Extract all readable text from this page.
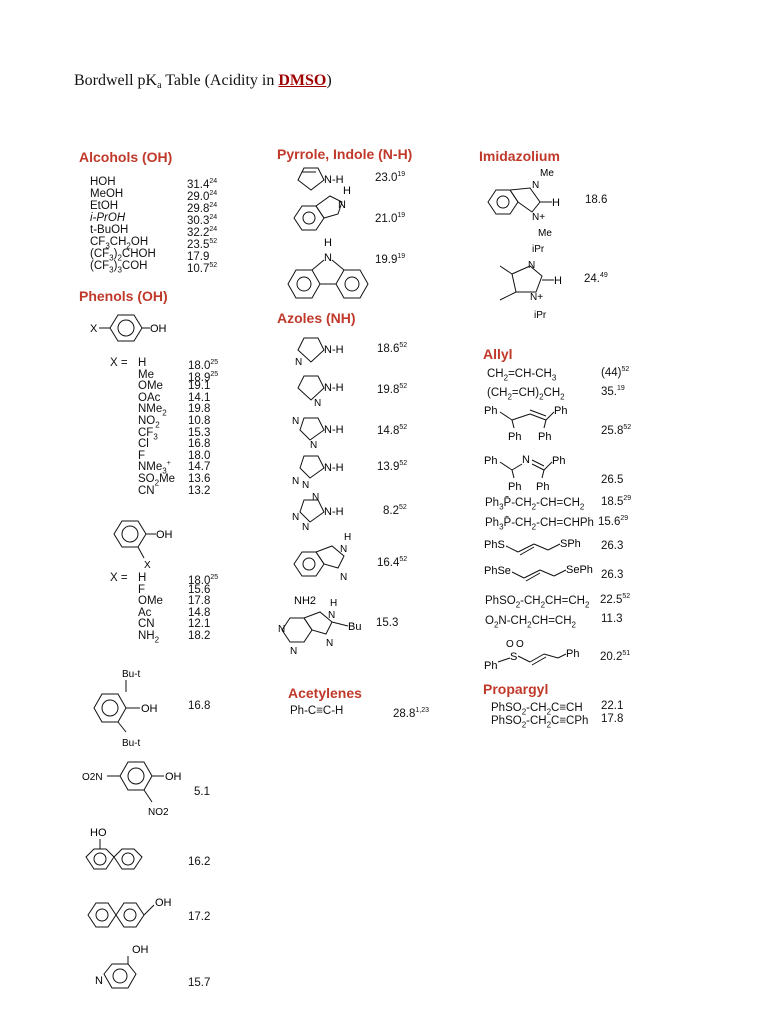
Bordwell $pK_a$ Table (Acidity in DMSO)
Alcohols (OH)
HOH	31.4$^{24}$
MeOH	29.0$^{24}$
EtOH	29.8$^{24}$
i-PrOH	30.3$^{24}$
t-BuOH	32.2$^{24}$
$CF_3CH_2OH$	23.5$^{52}$
$(CF_3)_2CHOH$	17.9
$(CF_3)_3COH$	10.7$^{52}$
Phenols (OH)
X	OH
X = H	18.0$^{25}$
Me	18.9$^{25}$
OMe 19.1
OAc 14.1
NMe$_2$ 19.8
$NO_2$ 10.8
$CF_3$	15.3
Cl	16.8
F	18.0
NMe$_3$+ 14.7
$SO_2Me$ 13.6
CN	13.2
OH
X
X = H	18.0$^{25}$
F	15.6
OMe 17.8
Ac	14.8
CN	12.1
$NH_2$	18.2
Bu-t
OH
Bu-t
16.8
O2N	OH
NO2
5.1
HO
16.2
OH
17.2
OH
N	15.7
Pyrrole, Indole (N-H)
N-H	23.0$^{19}$
H
N
21.0$^{19}$
H
N	19.9$^{19}$
Azoles (NH)
N
N-H	18.6$^{52}$
N
N-H	19.8$^{52}$
N
N
N-H	14.8$^{52}$
N N
N-H	13.9$^{52}$
N
N
N
N-H	$8.2^{52}$
H
N
N
16.4$^{52}$
NH2 H
N
N
N
N
Bu 15.3
Acetylenes
Ph-C≡C-H	28.8$^{1,23}$
Imidazolium
Me
N
H
N+
Me
18.6
iPr
N
H
N+
iPr
24.49
Allyl
$CH_2=CH-CH_3$	$(44)^{52}$
$(CH_2=CH)_2CH_2$	35.19
Ph	Ph
Ph Ph	25.8$^{52}$
Ph N Ph
Ph Ph
26.5
$Ph_3P̄-CH_2-CH=CH_2$ 18.5$^{29}$
$Ph_3P̄-CH_2-CH=CHPh$ 15.6$^{29}$
PhS	SPh 26.3
PhSe	SePh 26.3
$PhSO_2-CH_2CH=CH_2$ 22.5$^{52}$
$O_2N-CH_2CH=CH_2$ 11.3
O O
S
Ph
Ph 20.2$^{51}$
Propargyl
$PhSO_2-CH_2C\equiv CH$ 22.1
$PhSO_2-CH_2C\equiv CPh$ 17.8
